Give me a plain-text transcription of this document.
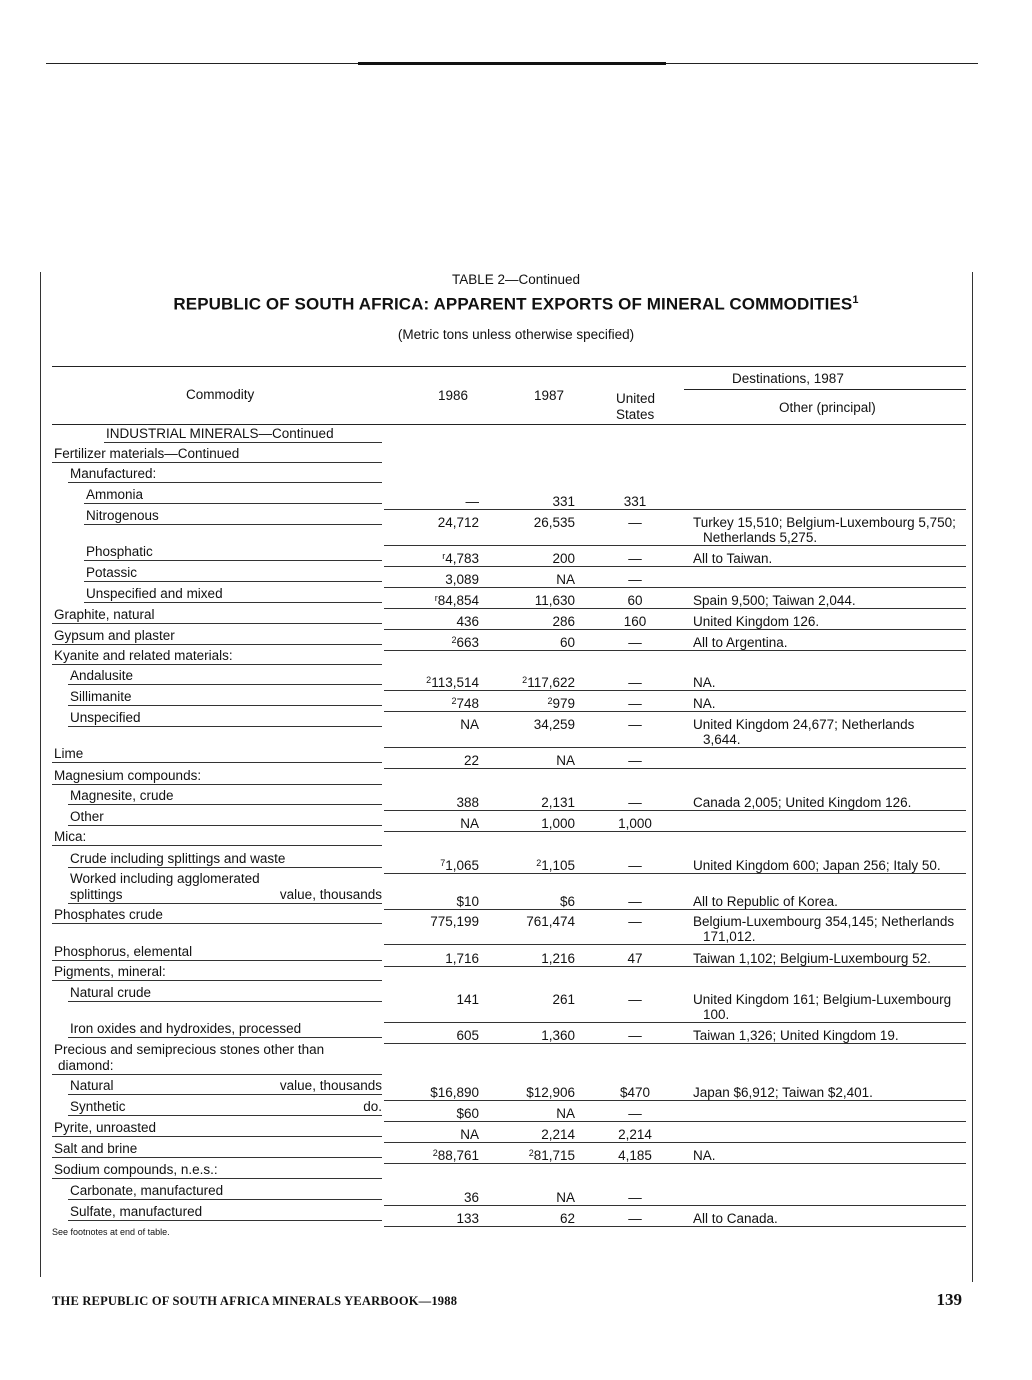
TABLE 2—Continued
REPUBLIC OF SOUTH AFRICA: APPARENT EXPORTS OF MINERAL COMMODITIES$^1$
(Metric tons unless otherwise specified)
Commodity	1986	1987
Destinations, 1987
United
States	Other (principal)
INDUSTRIAL MINERALS—Continued
Fertilizer materials—Continued
Manufactured:
Ammonia	—	331	331
Nitrogenous	24,712	26,535	—	Turkey 15,510; Belgium-Luxembourg 5,750;
Netherlands 5,275.
Phosphatic	$^r$4,783	200	—	All to Taiwan.
Potassic	3,089	NA	—
Unspecified and mixed	$^r$84,854	11,630	60	Spain 9,500; Taiwan 2,044.
Graphite, natural	436	286	160	United Kingdom 126.
Gypsum and plaster	$^2$663	60	—	All to Argentina.
Kyanite and related materials:
Andalusite	$^2$113,514	$^2$117,622	—	NA.
Sillimanite	$^2$748	$^2$979	—	NA.
Unspecified	NA	34,259	—	United Kingdom 24,677; Netherlands
3,644.
Lime	22	NA	—
Magnesium compounds:
Magnesite, crude	388	2,131	—	Canada 2,005; United Kingdom 126.
Other	NA	1,000	1,000
Mica:
Crude including splittings and waste	$^7$1,065	$^2$1,105	—	United Kingdom 600; Japan 256; Italy 50.
Worked including agglomerated
splittings	value, thousands	$10	$6	—	All to Republic of Korea.
Phosphates crude	775,199	761,474	—	Belgium-Luxembourg 354,145; Netherlands
171,012.
Phosphorus, elemental	1,716	1,216	47	Taiwan 1,102; Belgium-Luxembourg 52.
Pigments, mineral:
Natural crude	141	261	—	United Kingdom 161; Belgium-Luxembourg
100.
Iron oxides and hydroxides, processed	605	1,360	—	Taiwan 1,326; United Kingdom 19.
Precious and semiprecious stones other than
diamond:
Natural	value, thousands	$16,890	$12,906	$470	Japan $6,912; Taiwan $2,401.
Synthetic	do.	$60	NA	—
Pyrite, unroasted	NA	2,214	2,214
Salt and brine	$^2$88,761	$^2$81,715	4,185	NA.
Sodium compounds, n.e.s.:
Carbonate, manufactured	36	NA	—
Sulfate, manufactured	133	62	—	All to Canada.
See footnotes at end of table.
THE REPUBLIC OF SOUTH AFRICA MINERALS YEARBOOK—1988	139
